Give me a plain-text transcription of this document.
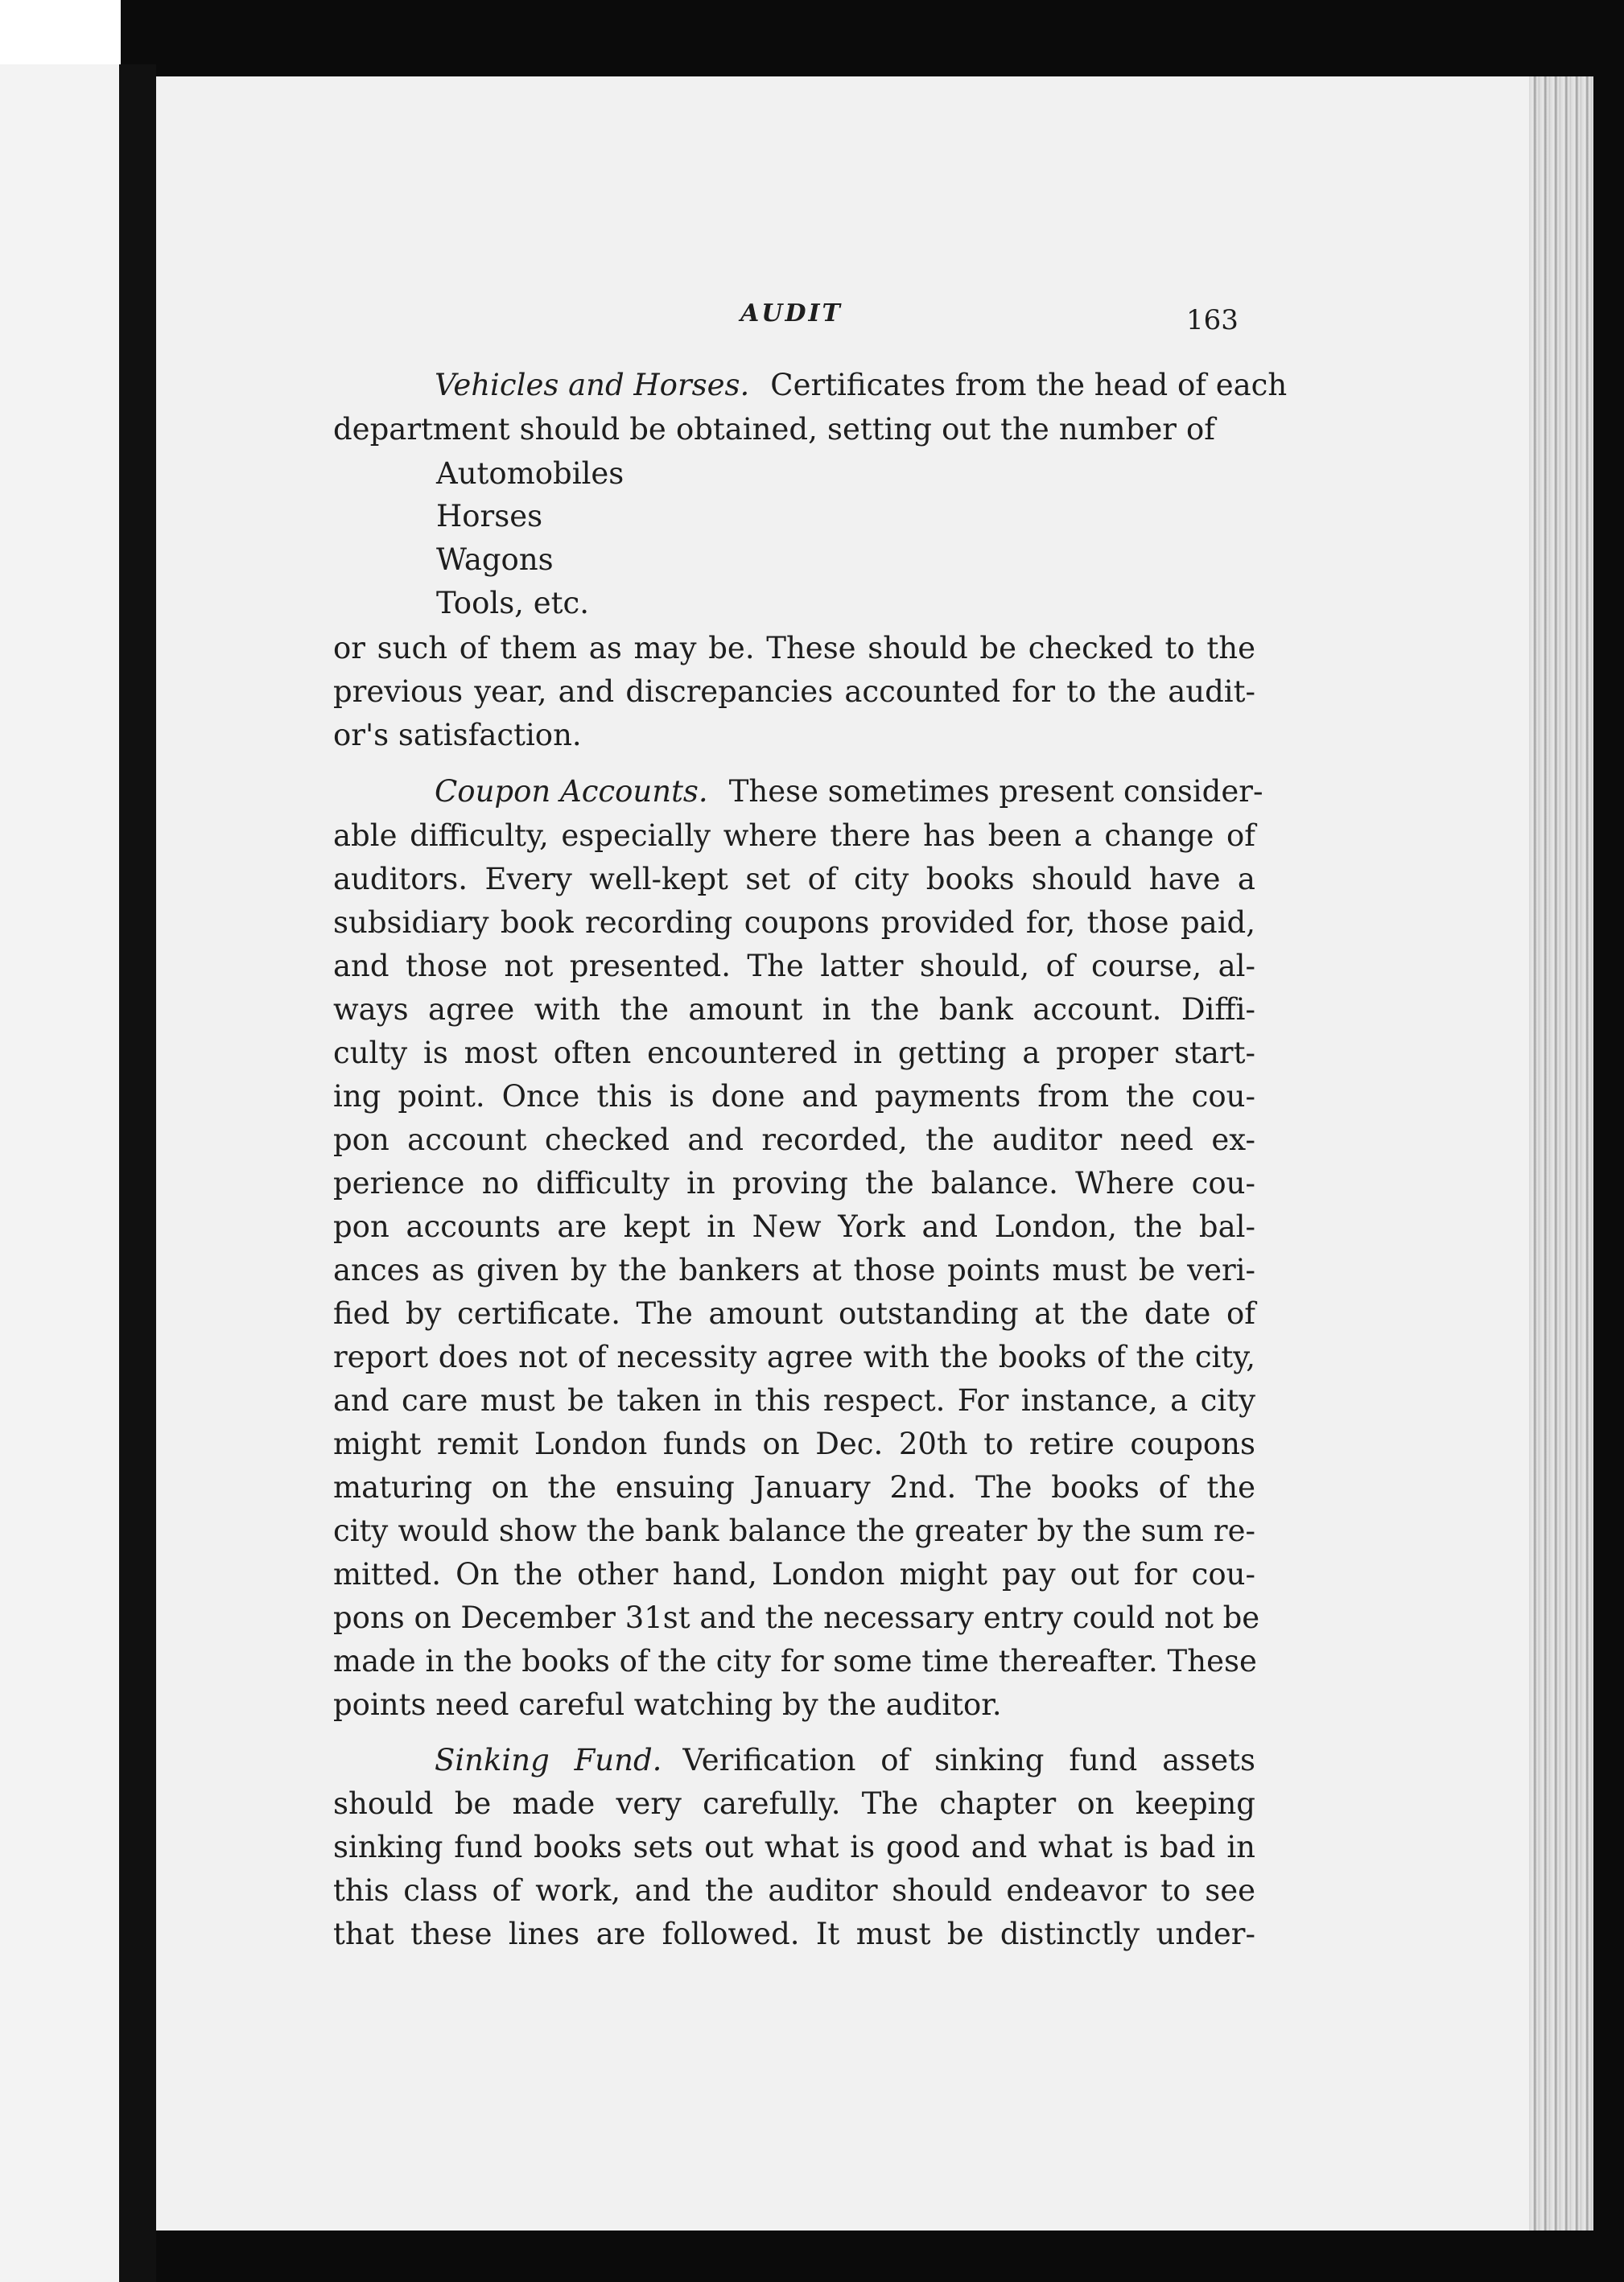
AUDIT	163
Vehicles and Horses. Certificates from the head of each
department should be obtained, setting out the number of
Automobiles
Horses
Wagons
Tools, etc.
or such of them as may be. These should be checked to the
previous year, and discrepancies accounted for to the audit-
or's satisfaction.
Coupon Accounts. These sometimes present consider-
able difficulty, especially where there has been a change of
auditors. Every well-kept set of city books should have a
subsidiary book recording coupons provided for, those paid,
and those not presented. The latter should, of course, al-
ways agree with the amount in the bank account. Diffi-
culty is most often encountered in getting a proper start-
ing point. Once this is done and payments from the cou-
pon account checked and recorded, the auditor need ex-
perience no difficulty in proving the balance. Where cou-
pon accounts are kept in New York and London, the bal-
ances as given by the bankers at those points must be veri-
fied by certificate. The amount outstanding at the date of
report does not of necessity agree with the books of the city,
and care must be taken in this respect. For instance, a city
might remit London funds on Dec. 20th to retire coupons
maturing on the ensuing January 2nd. The books of the
city would show the bank balance the greater by the sum re-
mitted. On the other hand, London might pay out for cou-
pons on December 31st and the necessary entry could not be
made in the books of the city for some time thereafter. These
points need careful watching by the auditor.
Sinking Fund. Verification of sinking fund assets
should be made very carefully. The chapter on keeping
sinking fund books sets out what is good and what is bad in
this class of work, and the auditor should endeavor to see
that these lines are followed. It must be distinctly under-
